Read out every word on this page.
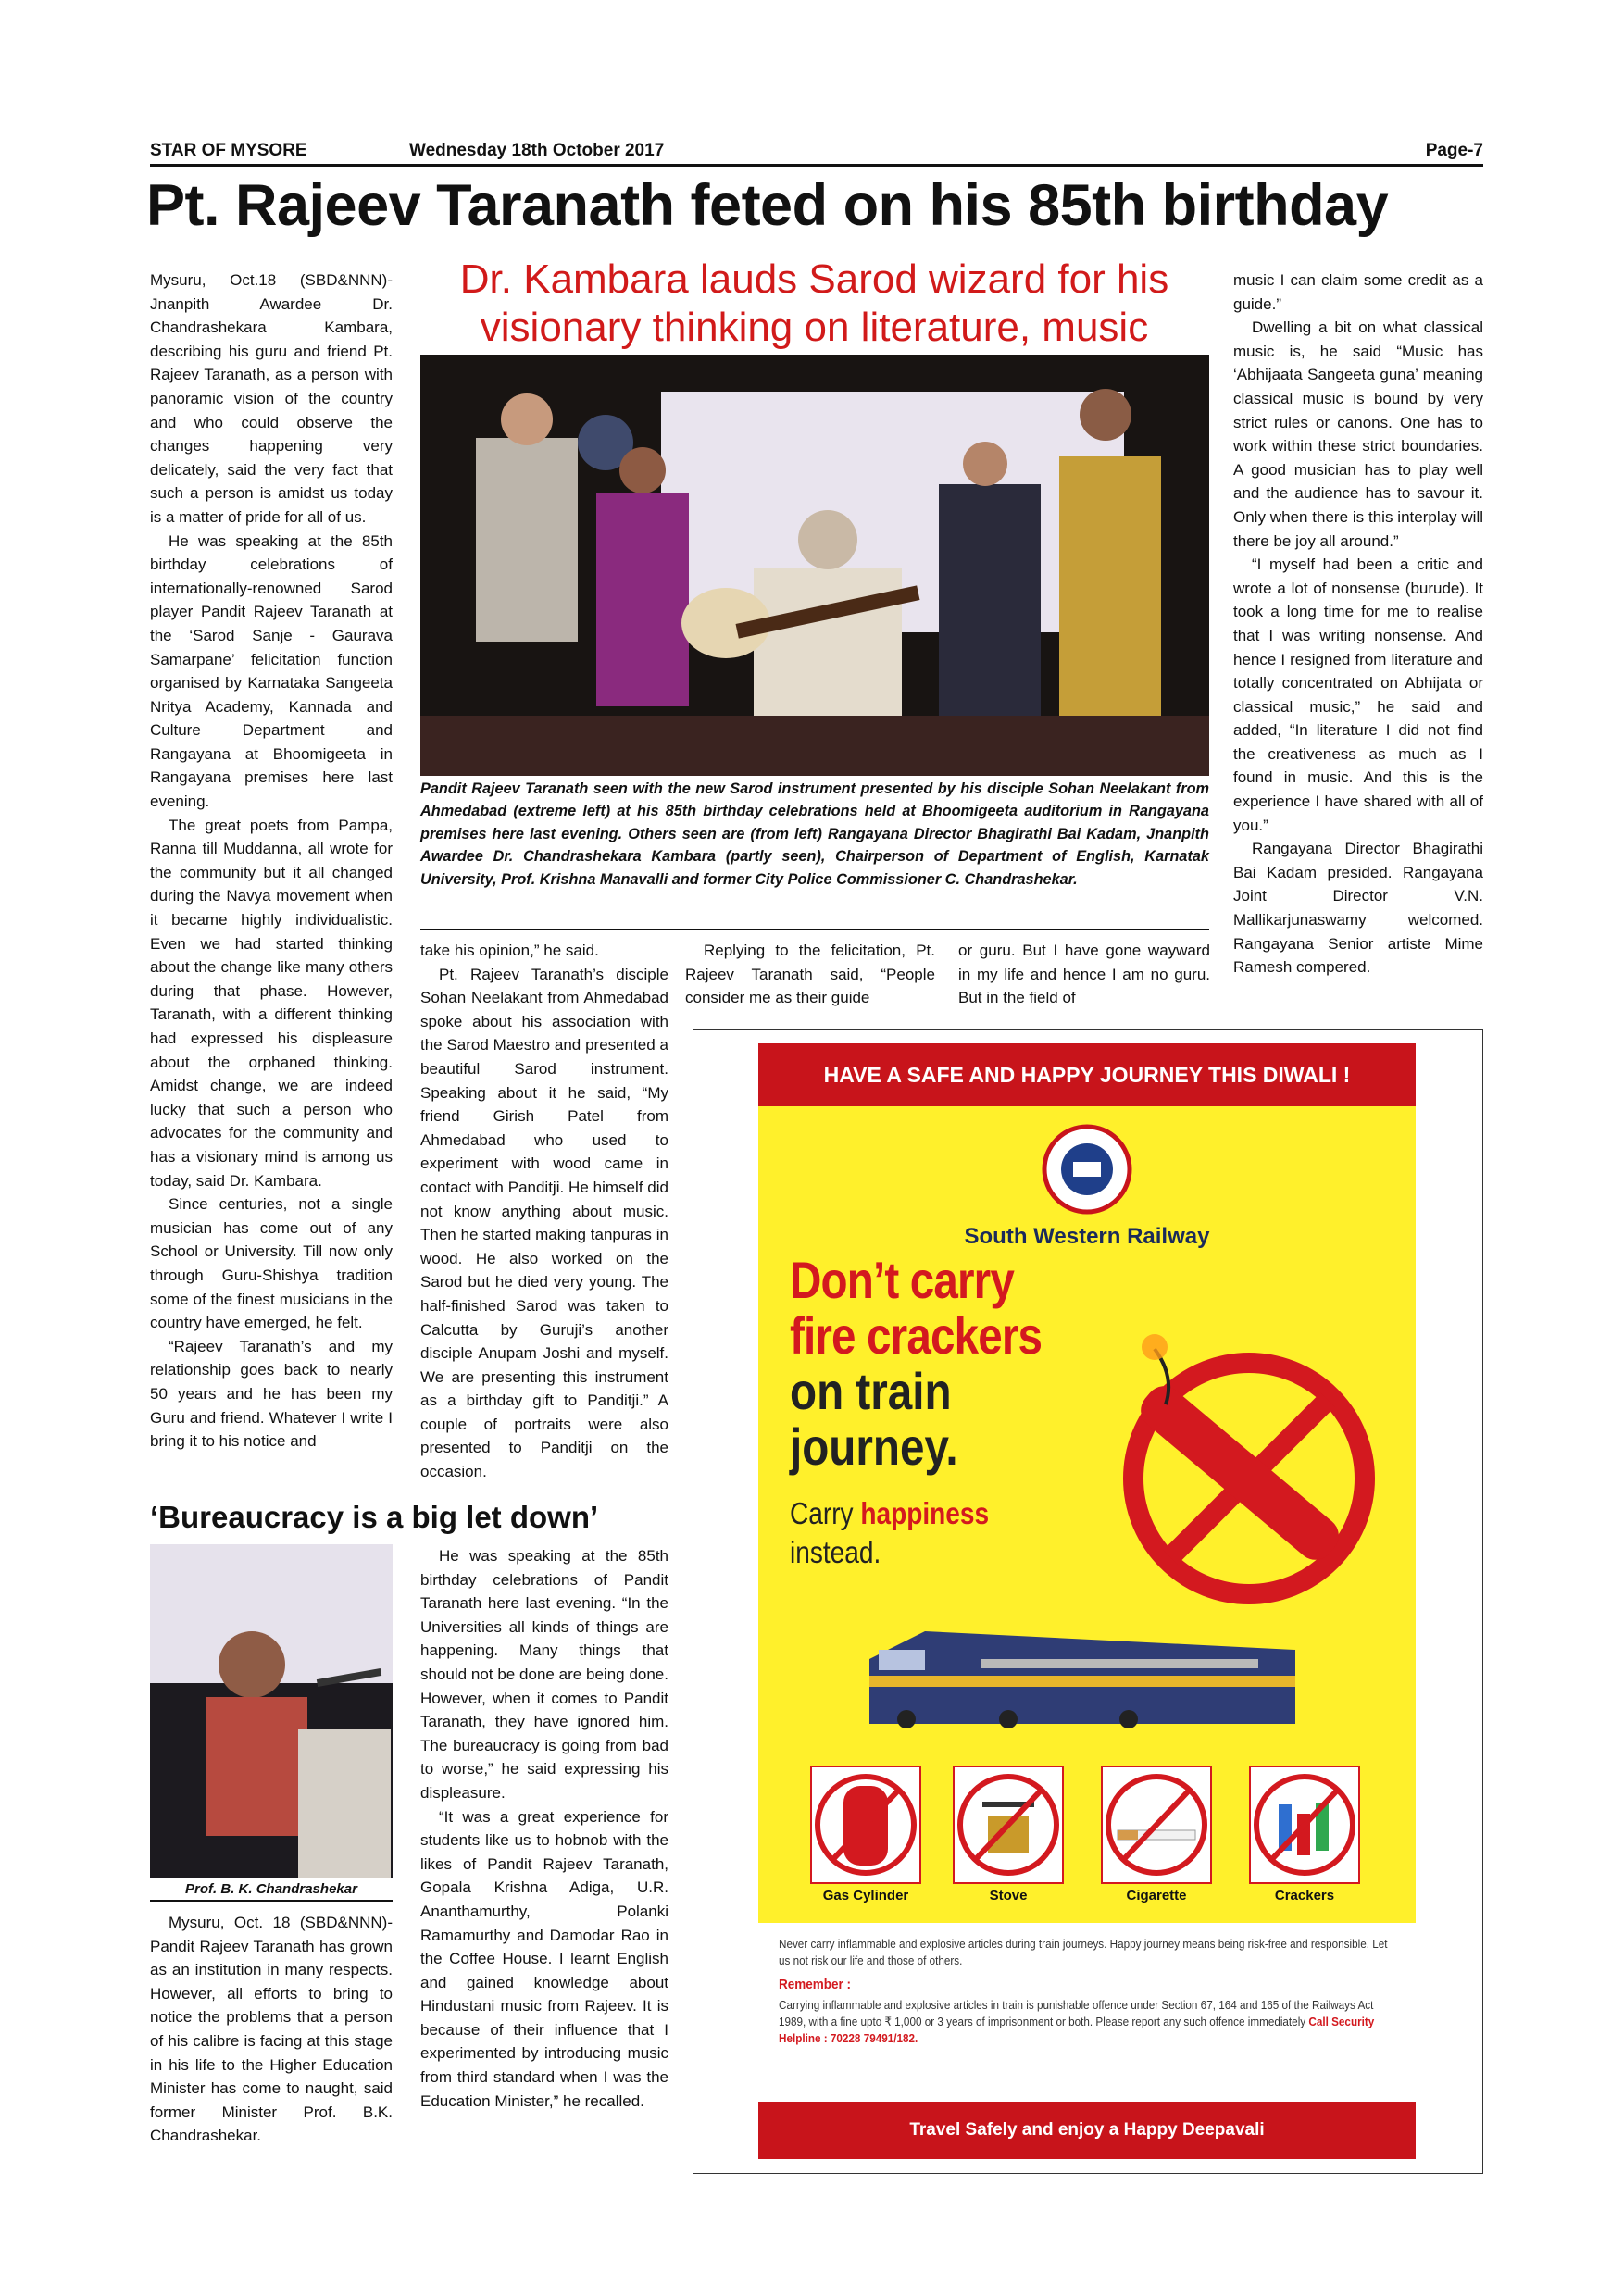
STAR OF MYSORE	Wednesday 18th October 2017	Page-7
Pt. Rajeev Taranath feted on his 85th birthday
Dr. Kambara lauds Sarod wizard for his
visionary thinking on literature, music

Mysuru, Oct.18 (SBD&NNN)-Jnanpith Awardee Dr. Chandrashekara Kambara, describing his guru and friend Pt. Rajeev Taranath, as a person with panoramic vision of the country and who could observe the changes happening very delicately, said the very fact that such a person is amidst us today is a matter of pride for all of us.

He was speaking at the 85th birthday celebrations of internationally-renowned Sarod player Pandit Rajeev Taranath at the ‘Sarod Sanje - Gaurava Samarpane’ felicitation function organised by Karnataka Sangeeta Nritya Academy, Kannada and Culture Department and Rangayana at Bhoomigeeta in Rangayana premises here last evening.

The great poets from Pampa, Ranna till Muddanna, all wrote for the community but it all changed during the Navya movement when it became highly individualistic. Even we had started thinking about the change like many others during that phase. However, Taranath, with a different thinking had expressed his displeasure about the orphaned thinking. Amidst change, we are indeed lucky that such a person who advocates for the community and has a visionary mind is among us today, said Dr. Kambara.

Since centuries, not a single musician has come out of any School or University. Till now only through Guru-Shishya tradition some of the finest musicians in the country have emerged, he felt.

“Rajeev Taranath’s and my relationship goes back to nearly 50 years and he has been my Guru and friend. Whatever I write I bring it to his notice and

Pandit Rajeev Taranath seen with the new Sarod instrument presented by his disciple Sohan Neelakant from Ahmedabad (extreme left) at his 85th birthday celebrations held at Bhoomigeeta auditorium in Rangayana premises here last evening. Others seen are (from left) Rangayana Director Bhagirathi Bai Kadam, Jnanpith Awardee Dr. Chandrashekara Kambara (partly seen), Chairperson of Department of English, Karnatak University, Prof. Krishna Manavalli and former City Police Commissioner C. Chandrashekar.

take his opinion,” he said.

Pt. Rajeev Taranath’s disciple Sohan Neelakant from Ahmedabad spoke about his association with the Sarod Maestro and presented a beautiful Sarod instrument. Speaking about it he said, “My friend Girish Patel from Ahmedabad who used to experiment with wood came in contact with Panditji. He himself did not know anything about music. Then he started making tanpuras in wood. He also worked on the Sarod but he died very young. The half-finished Sarod was taken to Calcutta by Guruji’s another disciple Anupam Joshi and myself. We are presenting this instrument as a birthday gift to Panditji.” A couple of portraits were also presented to Panditji on the occasion.

Replying to the felicitation, Pt. Rajeev Taranath said, “People consider me as their guide

or guru. But I have gone wayward in my life and hence I am no guru. But in the field of

music I can claim some credit as a guide.”

Dwelling a bit on what classical music is, he said “Music has ‘Abhijaata Sangeeta guna’ meaning classical music is bound by very strict rules or canons. One has to work within these strict boundaries. A good musician has to play well and the audience has to savour it. Only when there is this interplay will there be joy all around.”

“I myself had been a critic and wrote a lot of nonsense (burude). It took a long time for me to realise that I was writing nonsense. And hence I resigned from literature and totally concentrated on Abhijata or classical music,” he said and added, “In literature I did not find the creativeness as much as I found in music. And this is the experience I have shared with all of you.”

Rangayana Director Bhagirathi Bai Kadam presided. Rangayana Joint Director V.N. Mallikarjunaswamy welcomed. Rangayana Senior artiste Mime Ramesh compered.

‘Bureaucracy is a big let down’
Prof. B. K. Chandrashekar

Mysuru, Oct. 18 (SBD&NNN)-Pandit Rajeev Taranath has grown as an institution in many respects. However, all efforts to bring to notice the problems that a person of his calibre is facing at this stage in his life to the Higher Education Minister has come to naught, said former Minister Prof. B.K. Chandrashekar.

He was speaking at the 85th birthday celebrations of Pandit Taranath here last evening. “In the Universities all kinds of things are happening. Many things that should not be done are being done. However, when it comes to Pandit Taranath, they have ignored him. The bureaucracy is going from bad to worse,” he said expressing his displeasure.

“It was a great experience for students like us to hobnob with the likes of Pandit Rajeev Taranath, Gopala Krishna Adiga, U.R. Ananthamurthy, Polanki Ramamurthy and Damodar Rao in the Coffee House. I learnt English and gained knowledge about Hindustani music from Rajeev. It is because of their influence that I experimented by introducing music from third standard when I was the Education Minister,” he recalled.

HAVE A SAFE AND HAPPY JOURNEY THIS DIWALI !
South Western Railway
Don’t carry
fire crackers
on train
journey.
Carry happiness
instead.
Gas Cylinder	Stove	Cigarette	Crackers
Never carry inflammable and explosive articles during train journeys. Happy journey means being risk-free and responsible. Let us not risk our life and those of others.
Remember :
Carrying inflammable and explosive articles in train is punishable offence under Section 67, 164 and 165 of the Railways Act 1989, with a fine upto ₹ 1,000 or 3 years of imprisonment or both. Please report any such offence immediately Call Security Helpline : 70228 79491/182.
Travel Safely and enjoy a Happy Deepavali
